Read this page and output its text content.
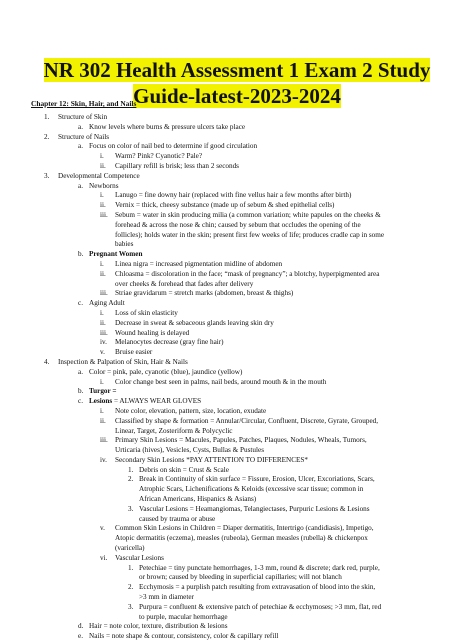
NR 302 Health Assessment 1 Exam 2 Study
Guide-latest-2023-2024
Chapter 12: Skin, Hair, and Nails
1. Structure of Skin
a. Know levels where burns & pressure ulcers take place
2. Structure of Nails
a. Focus on color of nail bed to determine if good circulation
i. Warm? Pink? Cyanotic? Pale?
ii. Capillary refill is brisk; less than 2 seconds
3. Developmental Competence
a. Newborns
i. Lanugo = fine downy hair (replaced with fine vellus hair a few months after birth)
ii. Vernix = thick, cheesy substance (made up of sebum & shed epithelial cells)
iii. Sebum = water in skin producing milia (a common variation; white papules on the cheeks &
forehead & across the nose & chin; caused by sebum that occludes the opening of the
follicles); holds water in the skin; present first few weeks of life; produces cradle cap in some
babies
b. Pregnant Women
i. Linea nigra = increased pigmentation midline of abdomen
ii. Chloasma = discoloration in the face; “mask of pregnancy”; a blotchy, hyperpigmented area
over cheeks & forehead that fades after delivery
iii. Striae gravidarum = stretch marks (abdomen, breast & thighs)
c. Aging Adult
i. Loss of skin elasticity
ii. Decrease in sweat & sebaceous glands leaving skin dry
iii. Wound healing is delayed
iv. Melanocytes decrease (gray fine hair)
v. Bruise easier
4. Inspection & Palpation of Skin, Hair & Nails
a. Color = pink, pale, cyanotic (blue), jaundice (yellow)
i. Color change best seen in palms, nail beds, around mouth & in the mouth
b. Turgor =
c. Lesions = ALWAYS WEAR GLOVES
i. Note color, elevation, pattern, size, location, exudate
ii. Classified by shape & formation = Annular/Circular, Confluent, Discrete, Gyrate, Grouped,
Linear, Target, Zosteriform & Polycyclic
iii. Primary Skin Lesions = Macules, Papules, Patches, Plaques, Nodules, Wheals, Tumors,
Urticaria (hives), Vesicles, Cysts, Bullas & Pustules
iv. Secondary Skin Lesions *PAY ATTENTION TO DIFFERENCES*
1. Debris on skin = Crust & Scale
2. Break in Continuity of skin surface = Fissure, Erosion, Ulcer, Excoriations, Scars,
Atrophic Scars, Lichenifications & Keloids (excessive scar tissue; common in
African Americans, Hispanics & Asians)
3. Vascular Lesions = Heamangiomas, Telangiectases, Purpuric Lesions & Lesions
caused by trauma or abuse
v. Common Skin Lesions in Children = Diaper dermatitis, Intertrigo (candidiasis), Impetigo,
Atopic dermatitis (eczema), measles (rubeola), German measles (rubella) & chickenpox
(varicella)
vi. Vascular Lesions
1. Petechiae = tiny punctate hemorrhages, 1-3 mm, round & discrete; dark red, purple,
or brown; caused by bleeding in superficial capillaries; will not blanch
2. Ecchymosis = a purplish patch resulting from extravasation of blood into the skin,
>3 mm in diameter
3. Purpura = confluent & extensive patch of petechiae & ecchymoses; >3 mm, flat, red
to purple, macular hemorrhage
d. Hair = note color, texture, distribution & lesions
e. Nails = note shape & contour, consistency, color & capillary refill
